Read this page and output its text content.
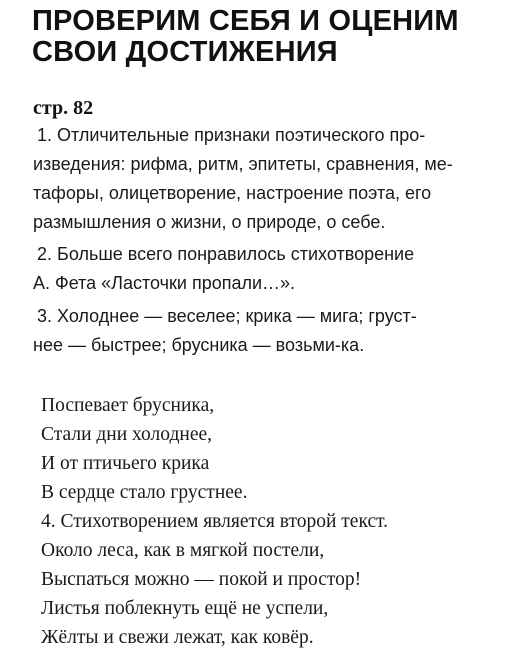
ПРОВЕРИМ СЕБЯ И ОЦЕНИМ
СВОИ ДОСТИЖЕНИЯ
стр. 82
1. Отличительные признаки поэтического про-
изведения: рифма, ритм, эпитеты, сравнения, ме-
тафоры, олицетворение, настроение поэта, его
размышления о жизни, о природе, о себе.
2. Больше всего понравилось стихотворение
А. Фета «Ласточки пропали…».
3. Холоднее — веселее; крика — мига; груст-
нее — быстрее; брусника — возьми-ка.
Поспевает брусника,
Стали дни холоднее,
И от птичьего крика
В сердце стало грустнее.
4. Стихотворением является второй текст.
Около леса, как в мягкой постели,
Выспаться можно — покой и простор!
Листья поблекнуть ещё не успели,
Жёлты и свежи лежат, как ковёр.
